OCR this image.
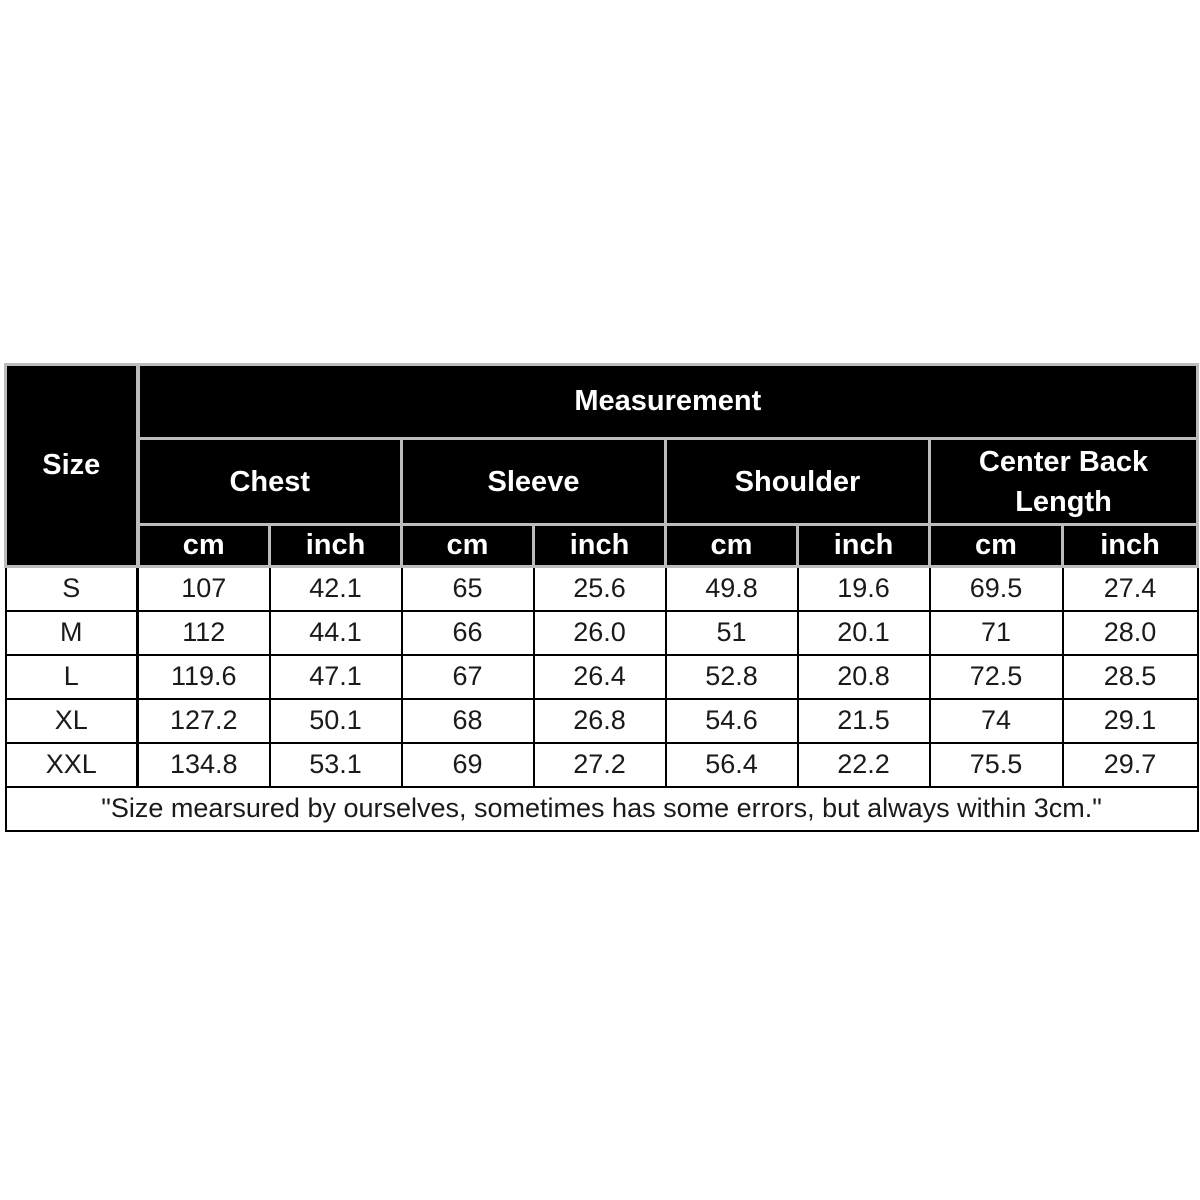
Size	Measurement							
	Chest		Sleeve		Shoulder		Center Back Length	
	cm	inch	cm	inch	cm	inch	cm	inch
S	107	42.1	65	25.6	49.8	19.6	69.5	27.4
M	112	44.1	66	26.0	51	20.1	71	28.0
L	119.6	47.1	67	26.4	52.8	20.8	72.5	28.5
XL	127.2	50.1	68	26.8	54.6	21.5	74	29.1
XXL	134.8	53.1	69	27.2	56.4	22.2	75.5	29.7
"Size mearsured by ourselves, sometimes has some errors, but always within 3cm."								
